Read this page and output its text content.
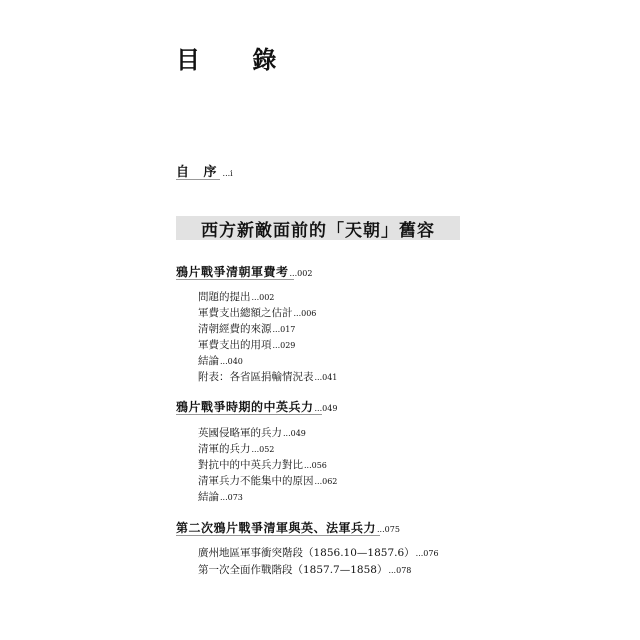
目 錄
自 序...i
西方新敵面前的「天朝」舊容
鴉片戰爭清朝軍費考...002
問題的提出...002
軍費支出總額之估計...006
清朝經費的來源...017
軍費支出的用項...029
結論...040
附表：各省區捐輸情況表...041
鴉片戰爭時期的中英兵力...049
英國侵略軍的兵力...049
清軍的兵力...052
對抗中的中英兵力對比...056
清軍兵力不能集中的原因...062
結論...073
第二次鴉片戰爭清軍與英、法軍兵力...075
廣州地區軍事衝突階段（1856.10—1857.6）...076
第一次全面作戰階段（1857.7—1858）...078
